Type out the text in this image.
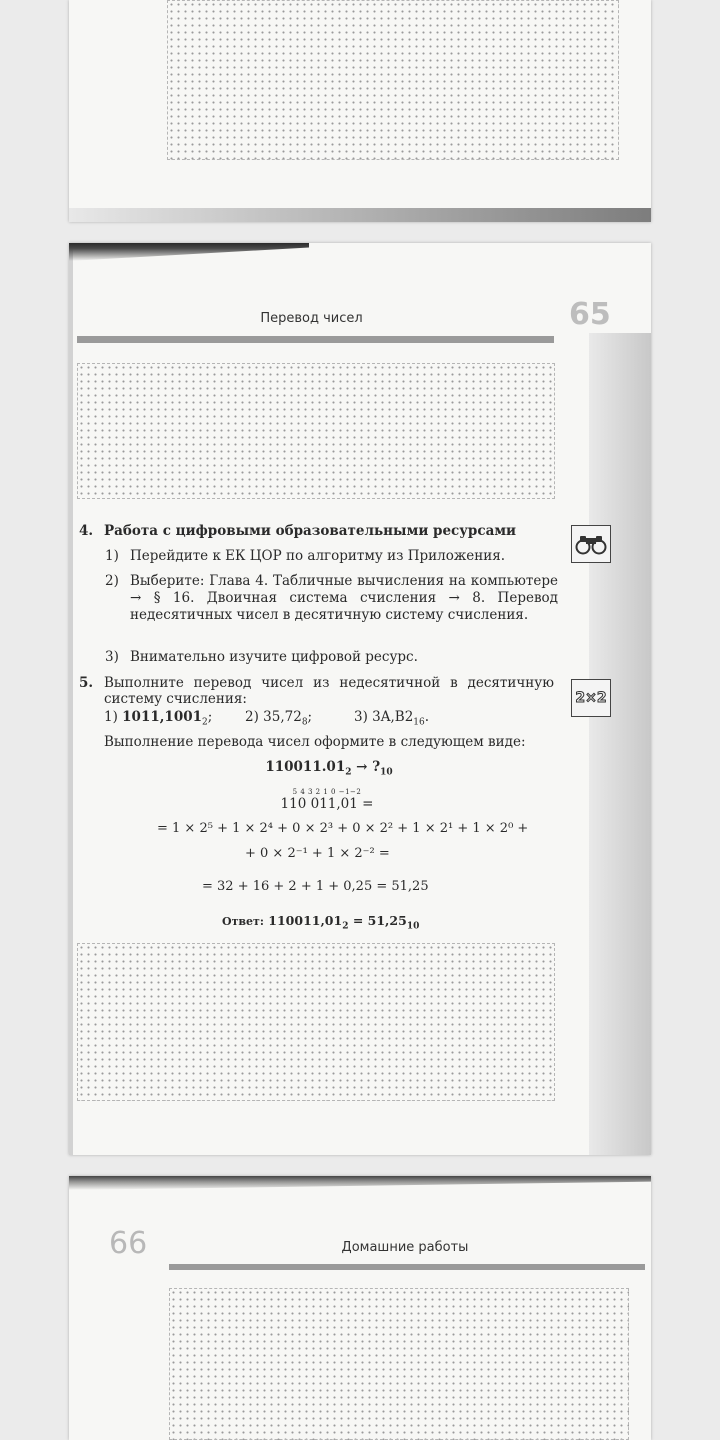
Перевод чисел	65
4. Работа с цифровыми образовательными ресурсами
1) Перейдите к ЕК ЦОР по алгоритму из Приложения.
2) Выберите: Глава 4. Табличные вычисления на компьютере → § 16. Двоичная система счисления → 8. Перевод недесятичных чисел в десятичную систему счисления.
3) Внимательно изучите цифровой ресурс.
5. Выполните перевод чисел из недесятичной в десятичную систему счисления:	2×2
1) $1011,1001_2$; 2) $35,72_8$;	3) $3A,B2_{16}$.
Выполнение перевода чисел оформите в следующем виде:
$110011.01_2$ → $?_{10}$
5 4 3 2 1 0 −1−2
110 011,01 =
= 1 × 2⁵ + 1 × 2⁴ + 0 × 2³ + 0 × 2² + 1 × 2¹ + 1 × 2⁰ +
+ 0 × 2⁻¹ + 1 × 2⁻² =
= 32 + 16 + 2 + 1 + 0,25 = 51,25
Ответ: $110011,01_2 = 51,25_{10}$
66	Домашние работы
